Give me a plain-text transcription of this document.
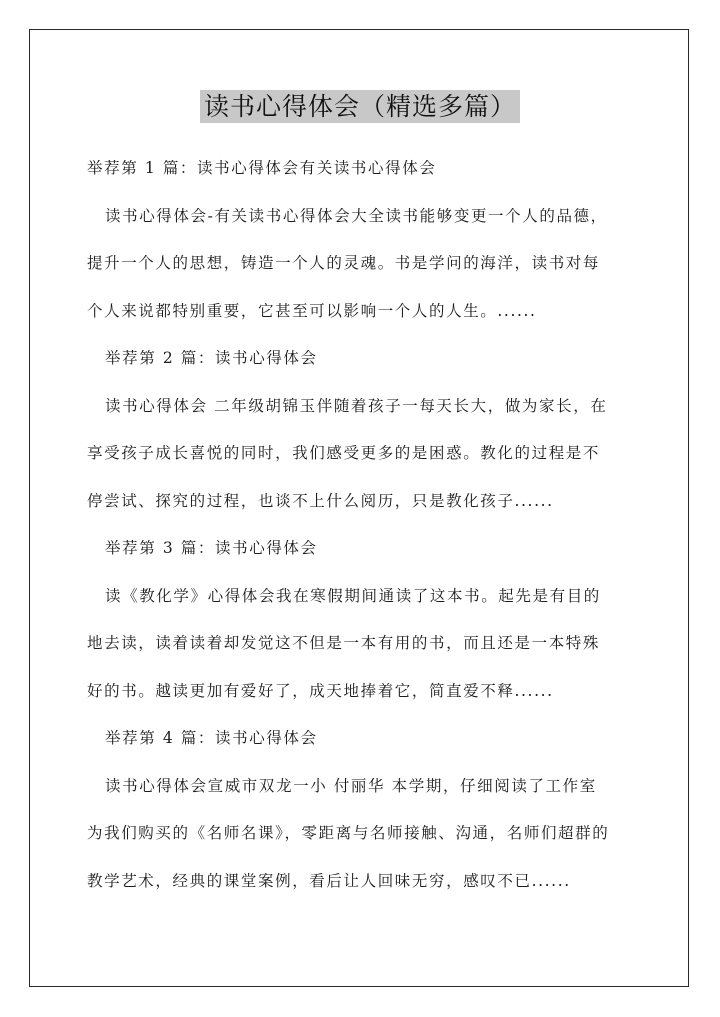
读书心得体会（精选多篇）
举荐第 1 篇：读书心得体会有关读书心得体会
读书心得体会-有关读书心得体会大全读书能够变更一个人的品德，
提升一个人的思想，铸造一个人的灵魂。书是学问的海洋，读书对每
个人来说都特别重要，它甚至可以影响一个人的人生。......
举荐第 2 篇：读书心得体会
读书心得体会 二年级胡锦玉伴随着孩子一每天长大，做为家长，在
享受孩子成长喜悦的同时，我们感受更多的是困惑。教化的过程是不
停尝试、探究的过程，也谈不上什么阅历，只是教化孩子......
举荐第 3 篇：读书心得体会
读《教化学》心得体会我在寒假期间通读了这本书。起先是有目的
地去读，读着读着却发觉这不但是一本有用的书，而且还是一本特殊
好的书。越读更加有爱好了，成天地捧着它，简直爱不释......
举荐第 4 篇：读书心得体会
读书心得体会宣威市双龙一小 付丽华 本学期，仔细阅读了工作室
为我们购买的《名师名课》，零距离与名师接触、沟通，名师们超群的
教学艺术，经典的课堂案例，看后让人回味无穷，感叹不已......
